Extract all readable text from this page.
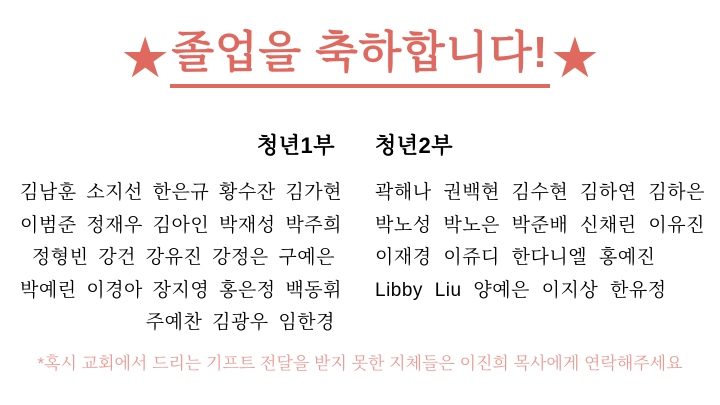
★ 졸업을 축하합니다! ★
청년1부
김남훈 소지선 한은규 황수잔 김가현
이범준 정재우 김아인 박재성 박주희
정형빈 강건 강유진 강정은 구예은
박예린 이경아 장지영 홍은정 백동휘
주예찬 김광우 임한경
청년2부
곽해나 권백현 김수현 김하연 김하은
박노성 박노은 박준배 신채린 이유진
이재경 이쥬디 한다니엘 홍예진
Libby Liu 양예은 이지상 한유정
*혹시 교회에서 드리는 기프트 전달을 받지 못한 지체들은 이진희 목사에게 연락해주세요
